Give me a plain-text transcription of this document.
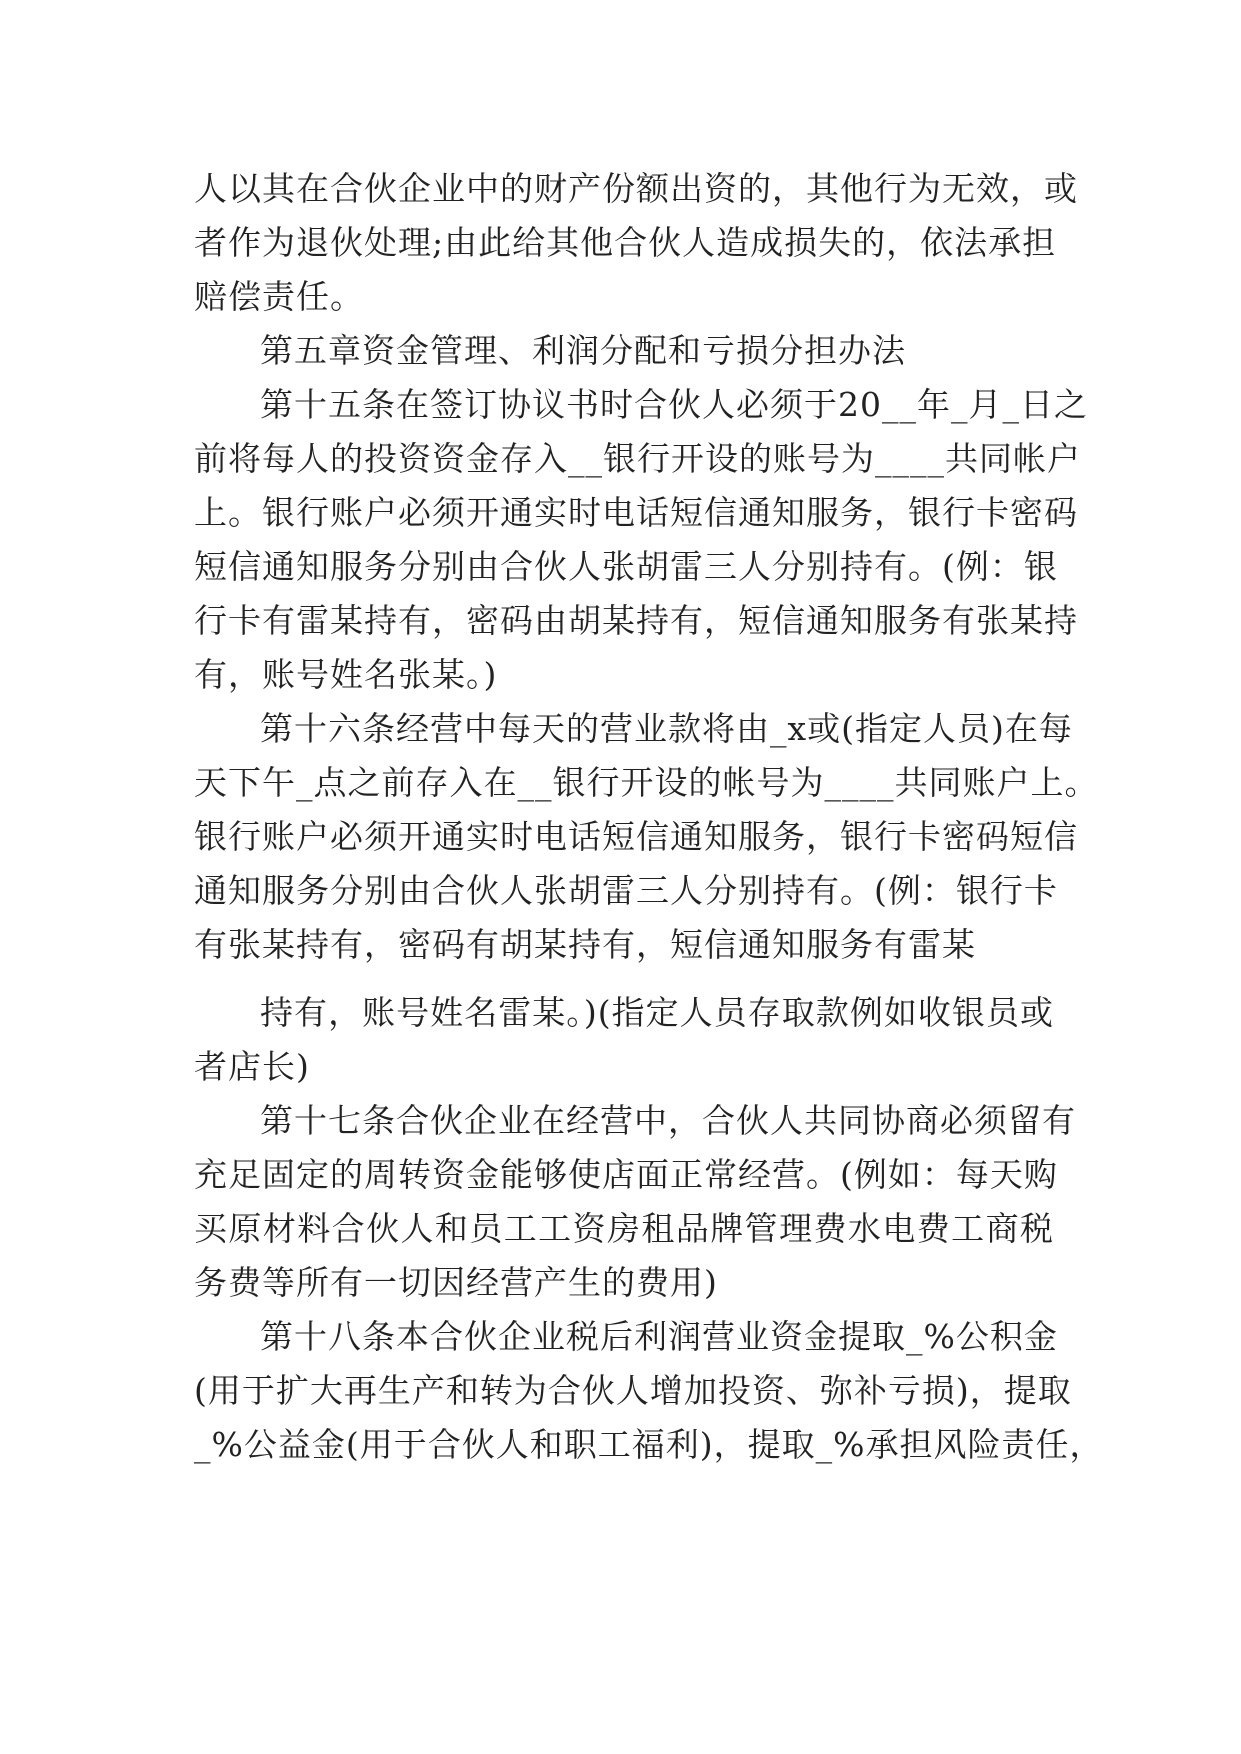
人以其在合伙企业中的财产份额出资的，其他行为无效，或
者作为退伙处理;由此给其他合伙人造成损失的，依法承担
赔偿责任。
第五章资金管理、利润分配和亏损分担办法
第十五条在签订协议书时合伙人必须于20__年_月_日之
前将每人的投资资金存入__银行开设的账号为____共同帐户
上。银行账户必须开通实时电话短信通知服务，银行卡密码
短信通知服务分别由合伙人张胡雷三人分别持有。(例：银
行卡有雷某持有，密码由胡某持有，短信通知服务有张某持
有，账号姓名张某。)
第十六条经营中每天的营业款将由_x或(指定人员)在每
天下午_点之前存入在__银行开设的帐号为____共同账户上。
银行账户必须开通实时电话短信通知服务，银行卡密码短信
通知服务分别由合伙人张胡雷三人分别持有。(例：银行卡
有张某持有，密码有胡某持有，短信通知服务有雷某
持有，账号姓名雷某。)(指定人员存取款例如收银员或
者店长)
第十七条合伙企业在经营中，合伙人共同协商必须留有
充足固定的周转资金能够使店面正常经营。(例如：每天购
买原材料合伙人和员工工资房租品牌管理费水电费工商税
务费等所有一切因经营产生的费用)
第十八条本合伙企业税后利润营业资金提取_%公积金
(用于扩大再生产和转为合伙人增加投资、弥补亏损)，提取
_%公益金(用于合伙人和职工福利)，提取_%承担风险责任，
